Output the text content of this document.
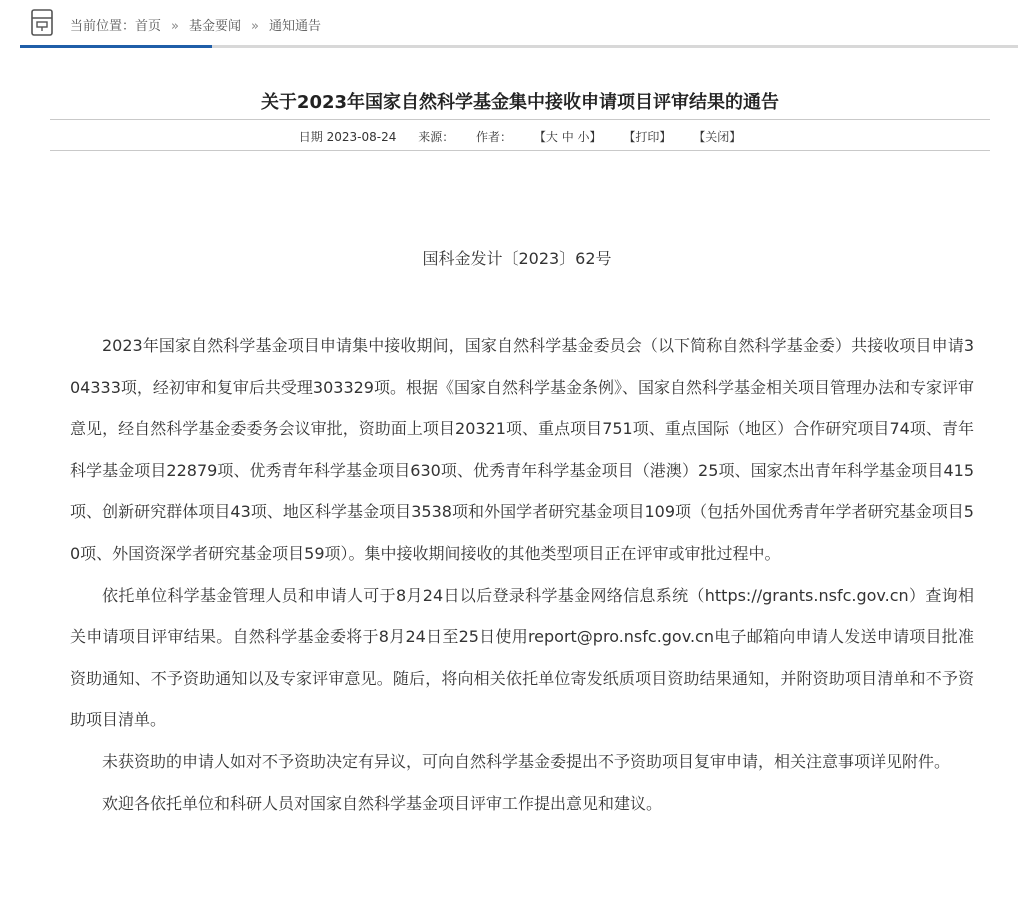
当前位置：首页 » 基金要闻 » 通知通告
关于2023年国家自然科学基金集中接收申请项目评审结果的通告
日期 2023-08-24 来源： 作者： 【大 中 小】 【打印】 【关闭】
国科金发计〔2023〕62号

2023年国家自然科学基金项目申请集中接收期间，国家自然科学基金委员会（以下简称自然科学基金委）共接收项目申请304333项，经初审和复审后共受理303329项。根据《国家自然科学基金条例》、国家自然科学基金相关项目管理办法和专家评审意见，经自然科学基金委委务会议审批，资助面上项目20321项、重点项目751项、重点国际（地区）合作研究项目74项、青年科学基金项目22879项、优秀青年科学基金项目630项、优秀青年科学基金项目（港澳）25项、国家杰出青年科学基金项目415项、创新研究群体项目43项、地区科学基金项目3538项和外国学者研究基金项目109项（包括外国优秀青年学者研究基金项目50项、外国资深学者研究基金项目59项）。集中接收期间接收的其他类型项目正在评审或审批过程中。

依托单位科学基金管理人员和申请人可于8月24日以后登录科学基金网络信息系统（https://grants.nsfc.gov.cn）查询相关申请项目评审结果。自然科学基金委将于8月24日至25日使用report@pro.nsfc.gov.cn电子邮箱向申请人发送申请项目批准资助通知、不予资助通知以及专家评审意见。随后，将向相关依托单位寄发纸质项目资助结果通知，并附资助项目清单和不予资助项目清单。

未获资助的申请人如对不予资助决定有异议，可向自然科学基金委提出不予资助项目复审申请，相关注意事项详见附件。

欢迎各依托单位和科研人员对国家自然科学基金项目评审工作提出意见和建议。
